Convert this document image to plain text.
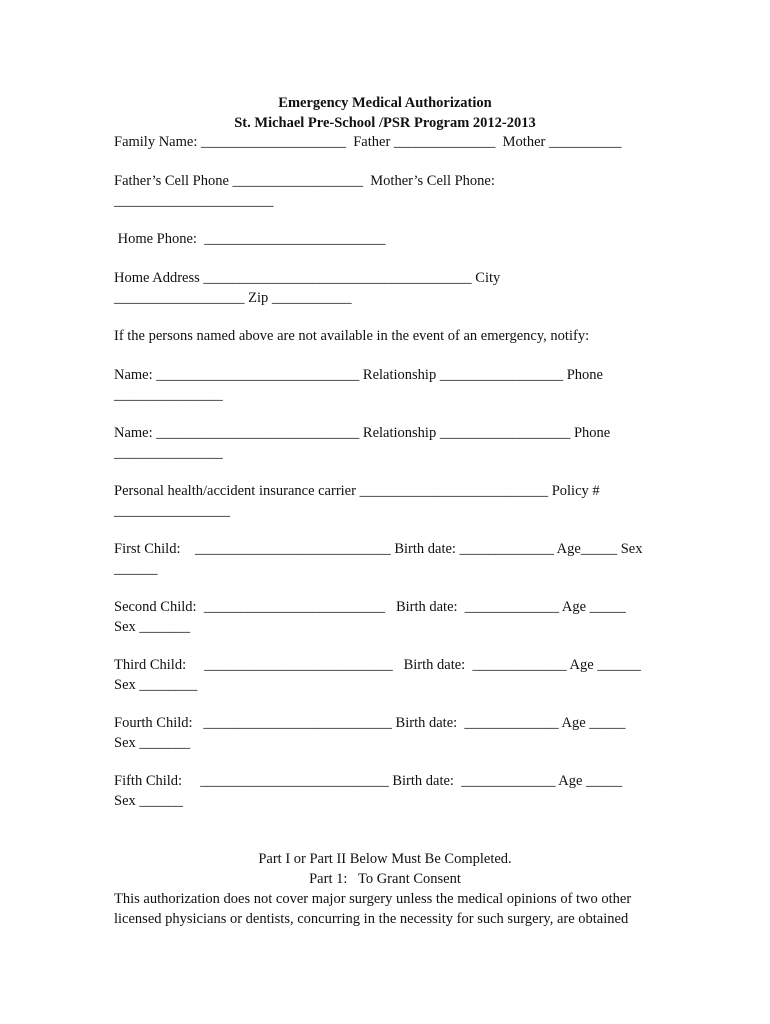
Emergency Medical Authorization
St. Michael Pre-School /PSR Program 2012-2013
Family Name: ____________________  Father ______________  Mother __________
Father’s Cell Phone __________________  Mother’s Cell Phone:
______________________
Home Phone:  _________________________
Home Address _____________________________________ City
__________________ Zip ___________
If the persons named above are not available in the event of an emergency, notify:
Name: ____________________________ Relationship _________________ Phone
_______________
Name: ____________________________ Relationship __________________ Phone
_______________
Personal health/accident insurance carrier __________________________ Policy #
________________
First Child:    ___________________________ Birth date: _____________ Age_____ Sex
______
Second Child:  _________________________   Birth date:  _____________ Age _____
Sex _______
Third Child:     __________________________   Birth date:  _____________ Age ______
Sex ________
Fourth Child:   __________________________ Birth date:  _____________ Age _____
Sex _______
Fifth Child:     __________________________ Birth date:  _____________ Age _____
Sex ______
Part I or Part II Below Must Be Completed.
Part 1:   To Grant Consent
This authorization does not cover major surgery unless the medical opinions of two other licensed physicians or dentists, concurring in the necessity for such surgery, are obtained
